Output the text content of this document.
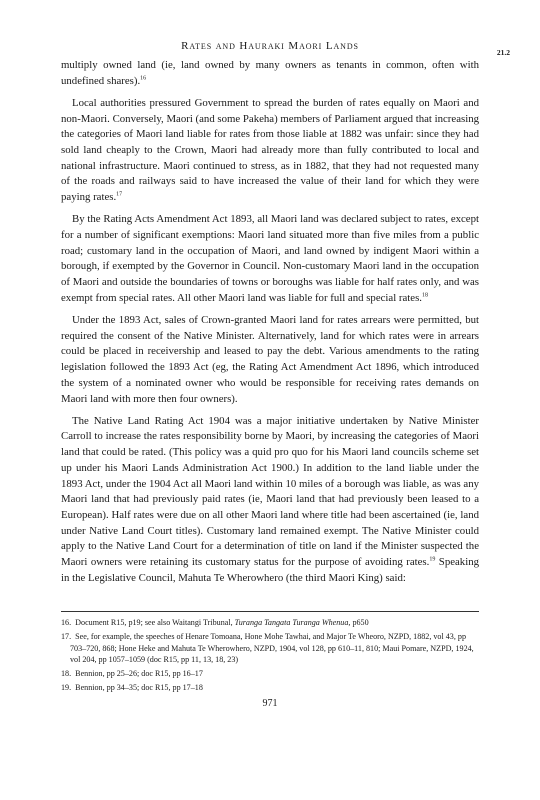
Rates and Hauraki Maori Lands
21.2

multiply owned land (ie, land owned by many owners as tenants in common, often with undefined shares).$^{16}$

Local authorities pressured Government to spread the burden of rates equally on Maori and non-Maori. Conversely, Maori (and some Pakeha) members of Parliament argued that increasing the categories of Maori land liable for rates from those liable at 1882 was unfair: since they had sold land cheaply to the Crown, Maori had already more than fully contributed to local and national infrastructure. Maori continued to stress, as in 1882, that they had not requested many of the roads and railways said to have increased the value of their land for which they were paying rates.$^{17}$

By the Rating Acts Amendment Act 1893, all Maori land was declared subject to rates, except for a number of significant exemptions: Maori land situated more than five miles from a public road; customary land in the occupation of Maori, and land owned by indigent Maori within a borough, if exempted by the Governor in Council. Non-customary Maori land in the occupation of Maori and outside the boundaries of towns or boroughs was liable for half rates only, and was exempt from special rates. All other Maori land was liable for full and special rates.$^{18}$

Under the 1893 Act, sales of Crown-granted Maori land for rates arrears were permitted, but required the consent of the Native Minister. Alternatively, land for which rates were in arrears could be placed in receivership and leased to pay the debt. Various amendments to the rating legislation followed the 1893 Act (eg, the Rating Act Amendment Act 1896, which introduced the system of a nominated owner who would be responsible for receiving rates demands on Maori land with more then four owners).

The Native Land Rating Act 1904 was a major initiative undertaken by Native Minister Carroll to increase the rates responsibility borne by Maori, by increasing the categories of Maori land that could be rated. (This policy was a quid pro quo for his Maori land councils scheme set up under his Maori Lands Administration Act 1900.) In addition to the land liable under the 1893 Act, under the 1904 Act all Maori land within 10 miles of a borough was liable, as was any Maori land that had previously paid rates (ie, Maori land that had previously been leased to a European). Half rates were due on all other Maori land where title had been ascertained (ie, land under Native Land Court titles). Customary land remained exempt. The Native Minister could apply to the Native Land Court for a determination of title on land if the Minister suspected the Maori owners were retaining its customary status for the purpose of avoiding rates.$^{19}$ Speaking in the Legislative Council, Mahuta Te Wherowhero (the third Maori King) said:

16. Document R15, p19; see also Waitangi Tribunal, Turanga Tangata Turanga Whenua, p650
17. See, for example, the speeches of Henare Tomoana, Hone Mohe Tawhai, and Major Te Wheoro, NZPD, 1882, vol 43, pp 703–720, 868; Hone Heke and Mahuta Te Wherowhero, NZPD, 1904, vol 128, pp 610–11, 810; Maui Pomare, NZPD, 1924, vol 204, pp 1057–1059 (doc R15, pp 11, 13, 18, 23)
18. Bennion, pp 25–26; doc R15, pp 16–17
19. Bennion, pp 34–35; doc R15, pp 17–18
971
